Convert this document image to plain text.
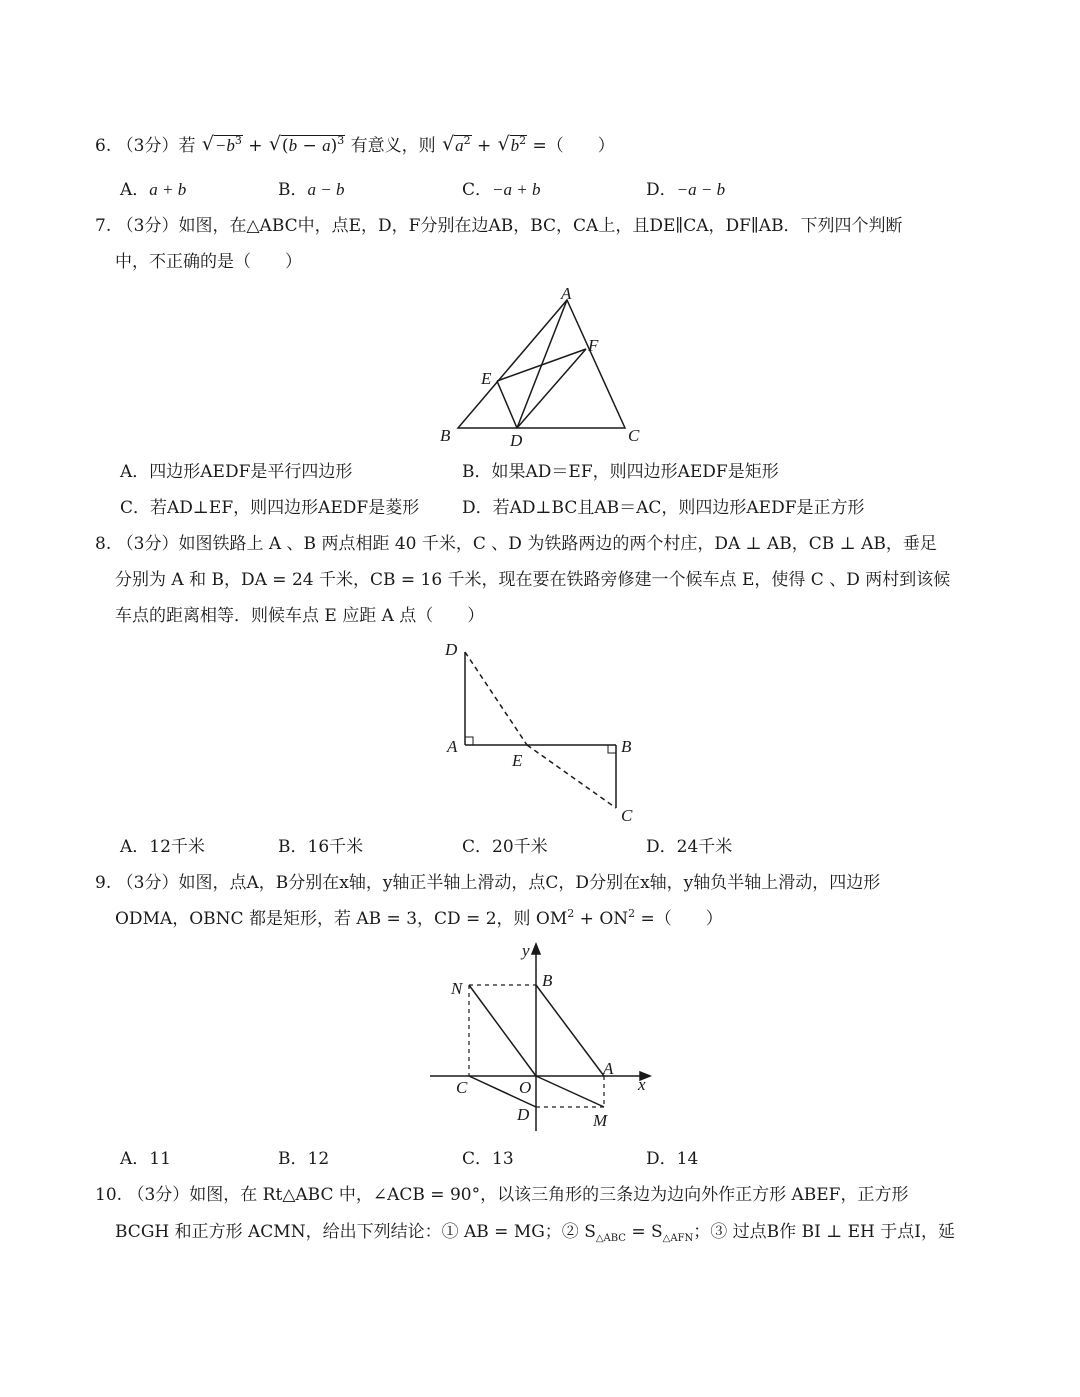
6. （3分）若 √ $-b^3$ + √ $(b - a)^3$ 有意义，则 √ $a^2$ + √ $b^2$ =（　　）
A．a + b	B．a − b	C．−a + b	D．−a − b
7. （3分）如图，在△ABC中，点E，D，F分别在边AB，BC，CA上，且DE∥CA，DF∥AB．下列四个判断
中，不正确的是（　　）
A
B	C
D
E
F
A．四边形AEDF是平行四边形	B．如果AD＝EF，则四边形AEDF是矩形
C．若AD⊥EF，则四边形AEDF是菱形	D．若AD⊥BC且AB＝AC，则四边形AEDF是正方形
8. （3分）如图铁路上 A 、B 两点相距 40 千米，C 、D 为铁路两边的两个村庄，DA ⊥ AB，CB ⊥ AB，垂足
分别为 A 和 B，DA = 24 千米，CB = 16 千米，现在要在铁路旁修建一个候车点 E，使得 C 、D 两村到该候
车点的距离相等．则候车点 E 应距 A 点（　　）
D
A	B
E
C
A．12千米	B．16千米	C．20千米	D．24千米
9. （3分）如图，点A，B分别在x轴，y轴正半轴上滑动，点C，D分别在x轴，y轴负半轴上滑动，四边形
ODMA，OBNC 都是矩形，若 AB = 3，CD = 2，则 $OM^2 + ON^2$ =（　　）
y
x
B
N
A
C	O
D	M
A．11	B．12	C．13	D．14
10. （3分）如图，在 Rt△ABC 中，∠ACB = 90°，以该三角形的三条边为边向外作正方形 ABEF，正方形
BCGH 和正方形 ACMN，给出下列结论：① AB = MG；② $S_{\triangle ABC} = S_{\triangle AFN}$；③ 过点B作 BI ⊥ EH 于点I，延
